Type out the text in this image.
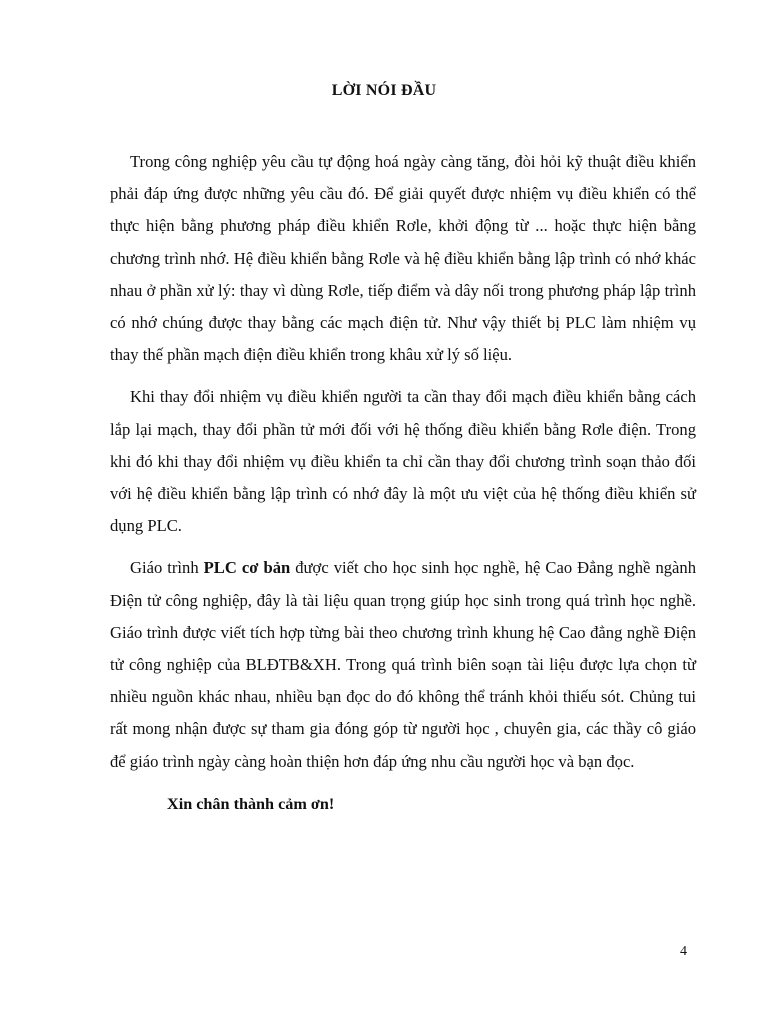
LỜI NÓI ĐẦU

Trong công nghiệp yêu cầu tự động hoá ngày càng tăng, đòi hỏi kỹ thuật điều khiển phải đáp ứng được những yêu cầu đó. Để giải quyết được nhiệm vụ điều khiển có thể thực hiện bằng phương pháp điều khiển Rơle, khởi động từ ... hoặc thực hiện bằng chương trình nhớ. Hệ điều khiển bằng Rơle và hệ điều khiển bằng lập trình có nhớ khác nhau ở phần xử lý: thay vì dùng Rơle, tiếp điểm và dây nối trong phương pháp lập trình có nhớ chúng được thay bằng các mạch điện tử. Như vậy thiết bị PLC làm nhiệm vụ thay thế phần mạch điện điều khiển trong khâu xử lý số liệu.

Khi thay đổi nhiệm vụ điều khiển người ta cần thay đổi mạch điều khiển bằng cách lắp lại mạch, thay đổi phần tử mới đối với hệ thống điều khiển bằng Rơle điện. Trong khi đó khi thay đổi nhiệm vụ điều khiển ta chỉ cần thay đổi chương trình soạn thảo đối với hệ điều khiển bằng lập trình có nhớ đây là một ưu việt của hệ thống điều khiển sử dụng PLC.

Giáo trình PLC cơ bản được viết cho học sinh học nghề, hệ Cao Đẳng nghề ngành Điện tử công nghiệp, đây là tài liệu quan trọng giúp học sinh trong quá trình học nghề. Giáo trình được viết tích hợp từng bài theo chương trình khung hệ Cao đẳng nghề Điện tử công nghiệp của BLĐTB&XH. Trong quá trình biên soạn tài liệu được lựa chọn từ nhiều nguồn khác nhau, nhiều bạn đọc do đó không thể tránh khỏi thiếu sót. Chủng tui rất mong nhận được sự tham gia đóng góp từ người học , chuyên gia, các thầy cô giáo để giáo trình ngày càng hoàn thiện hơn đáp ứng nhu cầu người học và bạn đọc.

Xin chân thành cảm ơn!

4
